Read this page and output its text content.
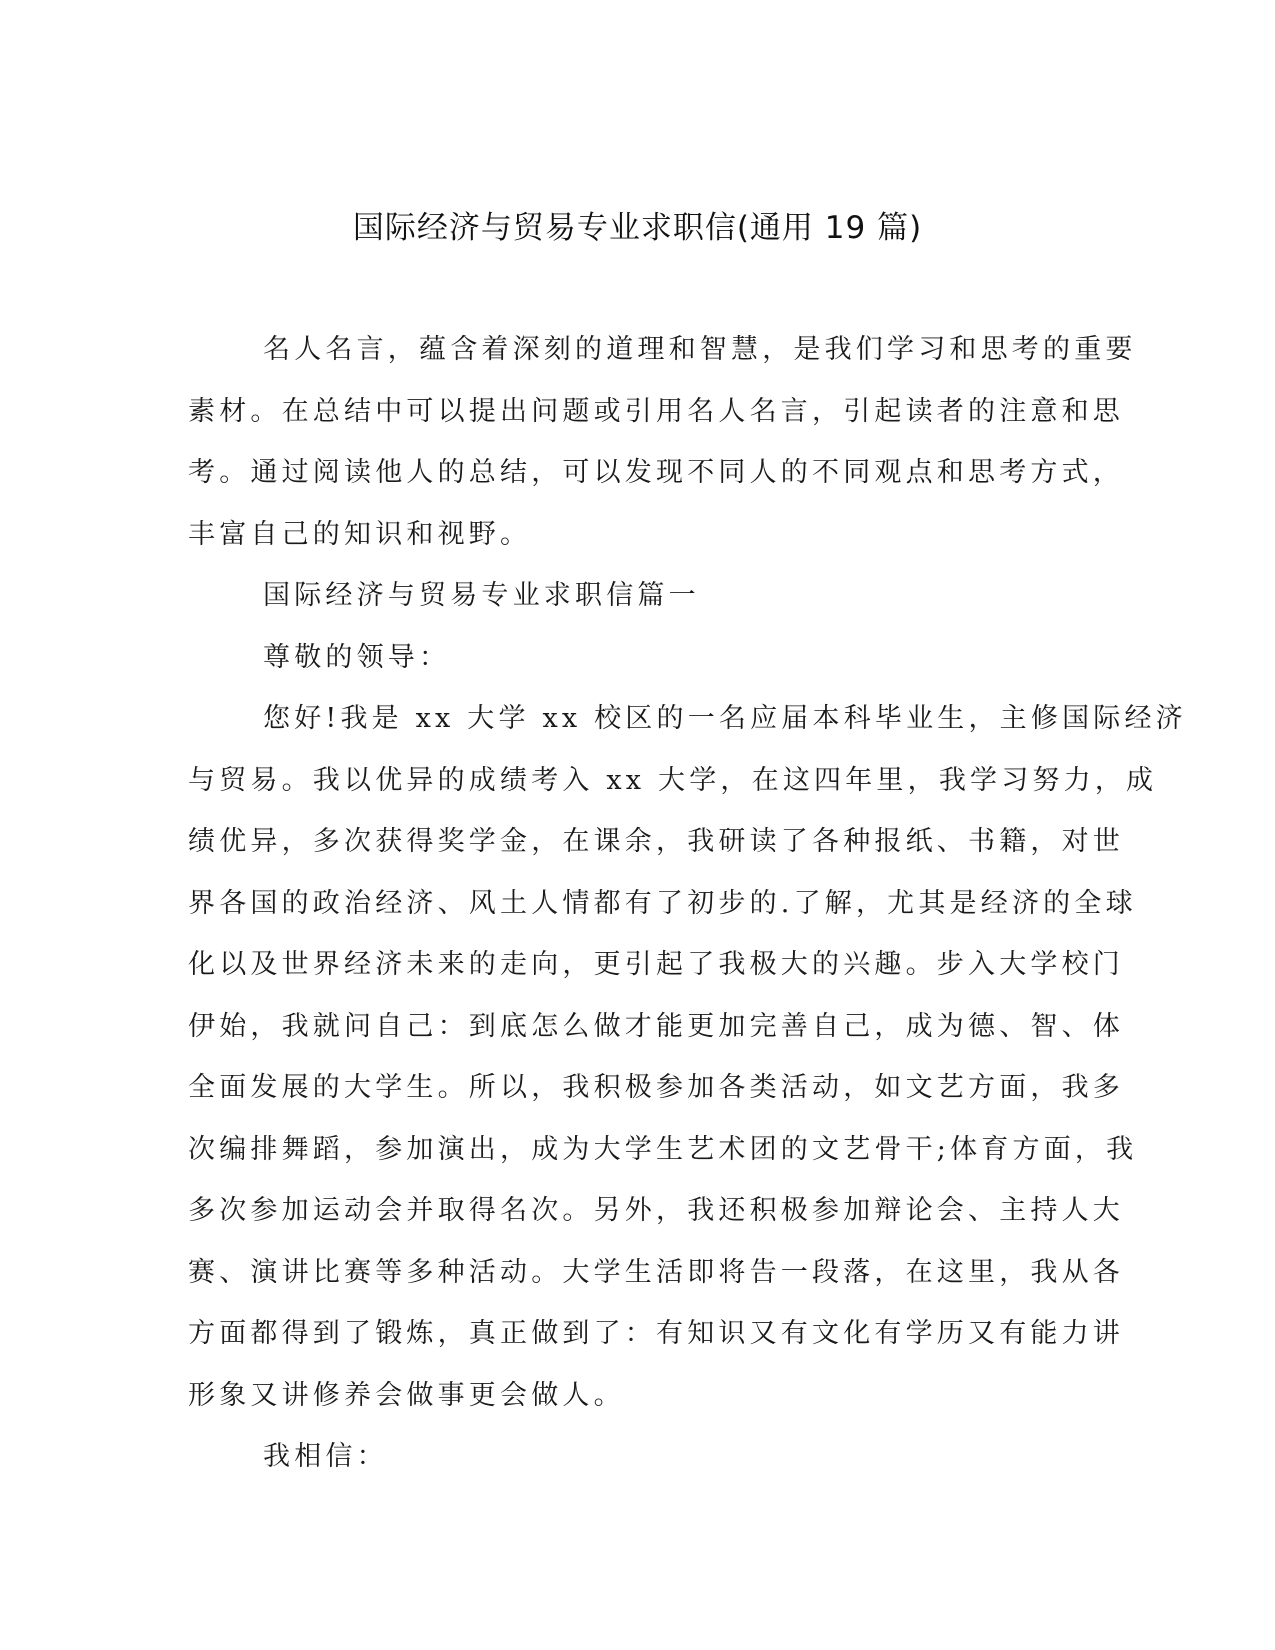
国际经济与贸易专业求职信(通用 19 篇)

名人名言，蕴含着深刻的道理和智慧，是我们学习和思考的重要

素材。在总结中可以提出问题或引用名人名言，引起读者的注意和思

考。通过阅读他人的总结，可以发现不同人的不同观点和思考方式，

丰富自己的知识和视野。

国际经济与贸易专业求职信篇一

尊敬的领导：

您好!我是 xx 大学 xx 校区的一名应届本科毕业生，主修国际经济

与贸易。我以优异的成绩考入 xx 大学，在这四年里，我学习努力，成

绩优异，多次获得奖学金，在课余，我研读了各种报纸、书籍，对世

界各国的政治经济、风土人情都有了初步的.了解，尤其是经济的全球

化以及世界经济未来的走向，更引起了我极大的兴趣。步入大学校门

伊始，我就问自己：到底怎么做才能更加完善自己，成为德、智、体

全面发展的大学生。所以，我积极参加各类活动，如文艺方面，我多

次编排舞蹈，参加演出，成为大学生艺术团的文艺骨干;体育方面，我

多次参加运动会并取得名次。另外，我还积极参加辩论会、主持人大

赛、演讲比赛等多种活动。大学生活即将告一段落，在这里，我从各

方面都得到了锻炼，真正做到了：有知识又有文化有学历又有能力讲

形象又讲修养会做事更会做人。

我相信：
